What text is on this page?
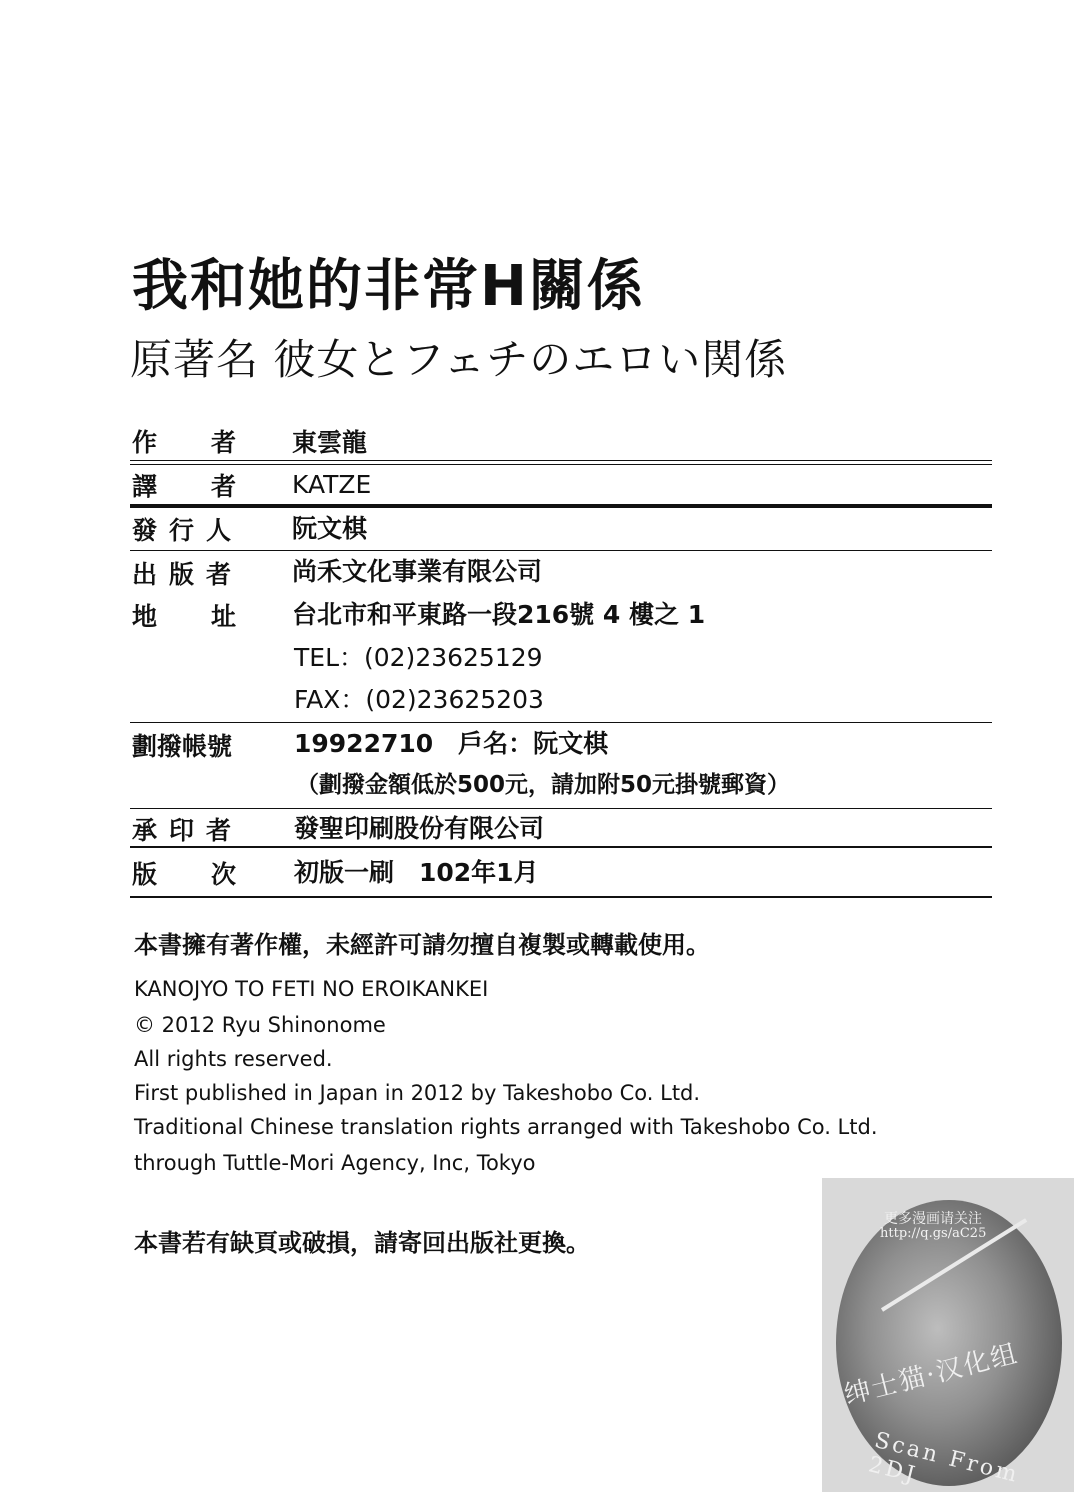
我和她的非常H關係
原著名 彼女とフェチのエロい関係
作者 東雲龍
譯者 KATZE
發行人 阮文棋
出版者 尚禾文化事業有限公司
地址 台北市和平東路一段216號 4 樓之 1
TEL：(02)23625129
FAX：(02)23625203
劃撥帳號 19922710　戶名：阮文棋
（劃撥金額低於500元，請加附50元掛號郵資）
承印者 發聖印刷股份有限公司
版次 初版一刷　102年1月
本書擁有著作權，未經許可請勿擅自複製或轉載使用。
KANOJYO TO FETI NO EROIKANKEI
© 2012 Ryu Shinonome
All rights reserved.
First published in Japan in 2012 by Takeshobo Co. Ltd.
Traditional Chinese translation rights arranged with Takeshobo Co. Ltd.
through Tuttle-Mori Agency, Inc, Tokyo
本書若有缺頁或破損，請寄回出版社更換。
更多漫画请关注
http://q.gs/aC25
绅士猫·汉化组
Scan From 2DJ
